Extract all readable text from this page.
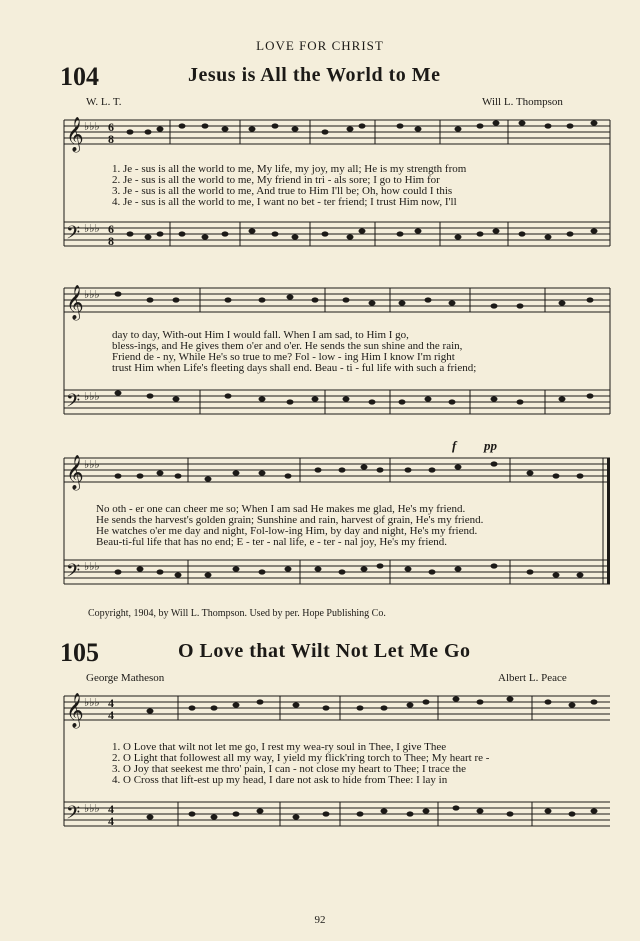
LOVE FOR CHRIST
104	Jesus is All the World to Me
W. L. T.	Will L. Thompson
𝄞
𝄢
♭♭♭
♭♭♭
6
8
6
8
1. Je - sus is all the world to me, My life, my joy, my all; He is my strength from
2. Je - sus is all the world to me, My friend in tri - als sore; I go to Him for
3. Je - sus is all the world to me, And true to Him I'll be; Oh, how could I this
4. Je - sus is all the world to me, I want no bet - ter friend; I trust Him now, I'll
𝄞
𝄢
♭♭♭
♭♭♭
day to day, With-out Him I would fall. When I am sad, to Him I go,
bless-ings, and He gives them o'er and o'er. He sends the sun shine and the rain,
Friend de - ny, While He's so true to me? Fol - low - ing Him I know I'm right
trust Him when Life's fleeting days shall end. Beau - ti - ful life with such a friend;
f pp
𝄞
𝄢
♭♭♭
♭♭♭
No oth - er one can cheer me so; When I am sad He makes me glad, He's my friend.
He sends the harvest's golden grain; Sunshine and rain, harvest of grain, He's my friend.
He watches o'er me day and night, Fol-low-ing Him, by day and night, He's my friend.
Beau-ti-ful life that has no end; E - ter - nal life, e - ter - nal joy, He's my friend.
Copyright, 1904, by Will L. Thompson. Used by per. Hope Publishing Co.
105	O Love that Wilt Not Let Me Go
George Matheson	Albert L. Peace
𝄞
𝄢
♭♭♭
♭♭♭
4
4
4
4
1. O Love that wilt not let me go, I rest my wea-ry soul in Thee, I give Thee
2. O Light that followest all my way, I yield my flick'ring torch to Thee; My heart re -
3. O Joy that seekest me thro' pain, I can - not close my heart to Thee; I trace the
4. O Cross that lift-est up my head, I dare not ask to hide from Thee: I lay in
92
